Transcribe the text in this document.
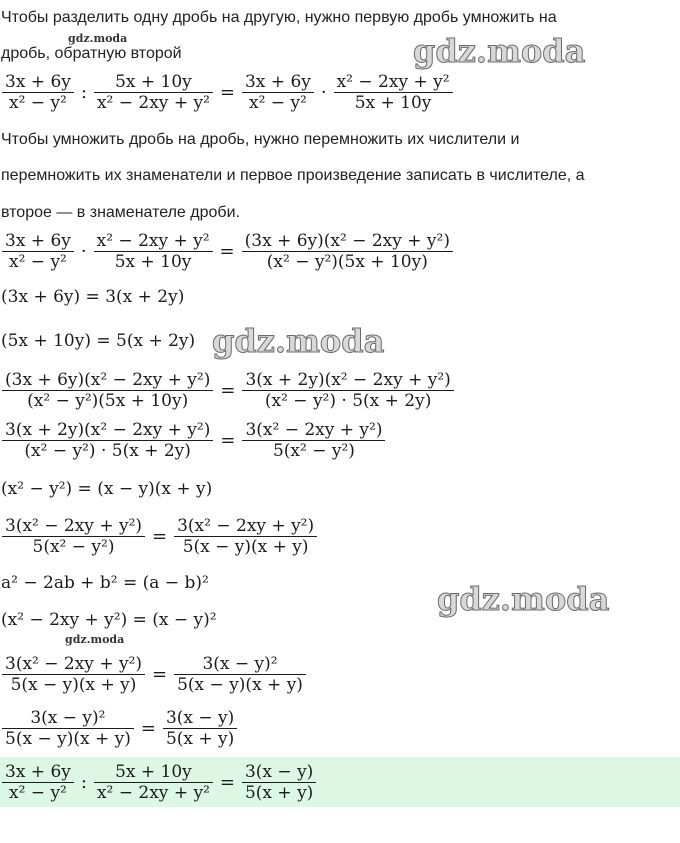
Чтобы разделить одну дробь на другую, нужно первую дробь умножить на
дробь, обратную второй
$\frac{3x + 6y}{\text{x² − y²}}$ : $\frac{5x + 10y}{\text{x² − 2xy + y²}} = \frac{3x + 6y}{\text{x² − y²}} \cdot \frac{\text{x² − 2xy + y²}}{5x + 10y}$
Чтобы умножить дробь на дробь, нужно перемножить их числители и
перемножить их знаменатели и первое произведение записать в числителе, а
второе — в знаменателе дроби.
$\frac{3x + 6y}{\text{x² − y²}} \cdot \frac{\text{x² − 2xy + y²}}{5x + 10y} = \frac{\text{(3x + 6y)(x² − 2xy + y²)}}{\text{(x² − y²)(5x + 10y)}}$
(3x + 6y) = 3(x + 2y)
(5x + 10y) = 5(x + 2y)
$\frac{\text{(3x + 6y)(x² − 2xy + y²)}}{\text{(x² − y²)(5x + 10y)}} = \frac{\text{3(x + 2y)(x² − 2xy + y²)}}{\text{(x² − y²) · 5(x + 2y)}}$
$\frac{\text{3(x + 2y)(x² − 2xy + y²)}}{\text{(x² − y²) · 5(x + 2y)}} = \frac{\text{3(x² − 2xy + y²)}}{\text{5(x² − y²)}}$
(x² − y²) = (x − y)(x + y)
$\frac{\text{3(x² − 2xy + y²)}}{\text{5(x² − y²)}} = \frac{\text{3(x² − 2xy + y²)}}{5(x - y)(x + y)}$
a² − 2ab + b² = (a − b)²
(x² − 2xy + y²) = (x − y)²
$\frac{\text{3(x² − 2xy + y²)}}{5(x - y)(x + y)} = \frac{\text{3(x − y)²}}{5(x - y)(x + y)}$
$\frac{\text{3(x − y)²}}{5(x - y)(x + y)} = \frac{3(x - y)}{5(x + y)}$
$\frac{3x + 6y}{\text{x² − y²}}$ : $\frac{5x + 10y}{\text{x² − 2xy + y²}} = \frac{3(x - y)}{5(x + y)}$
gdz.moda	gdz.moda
gdz.moda
gdz.moda
gdz.moda
